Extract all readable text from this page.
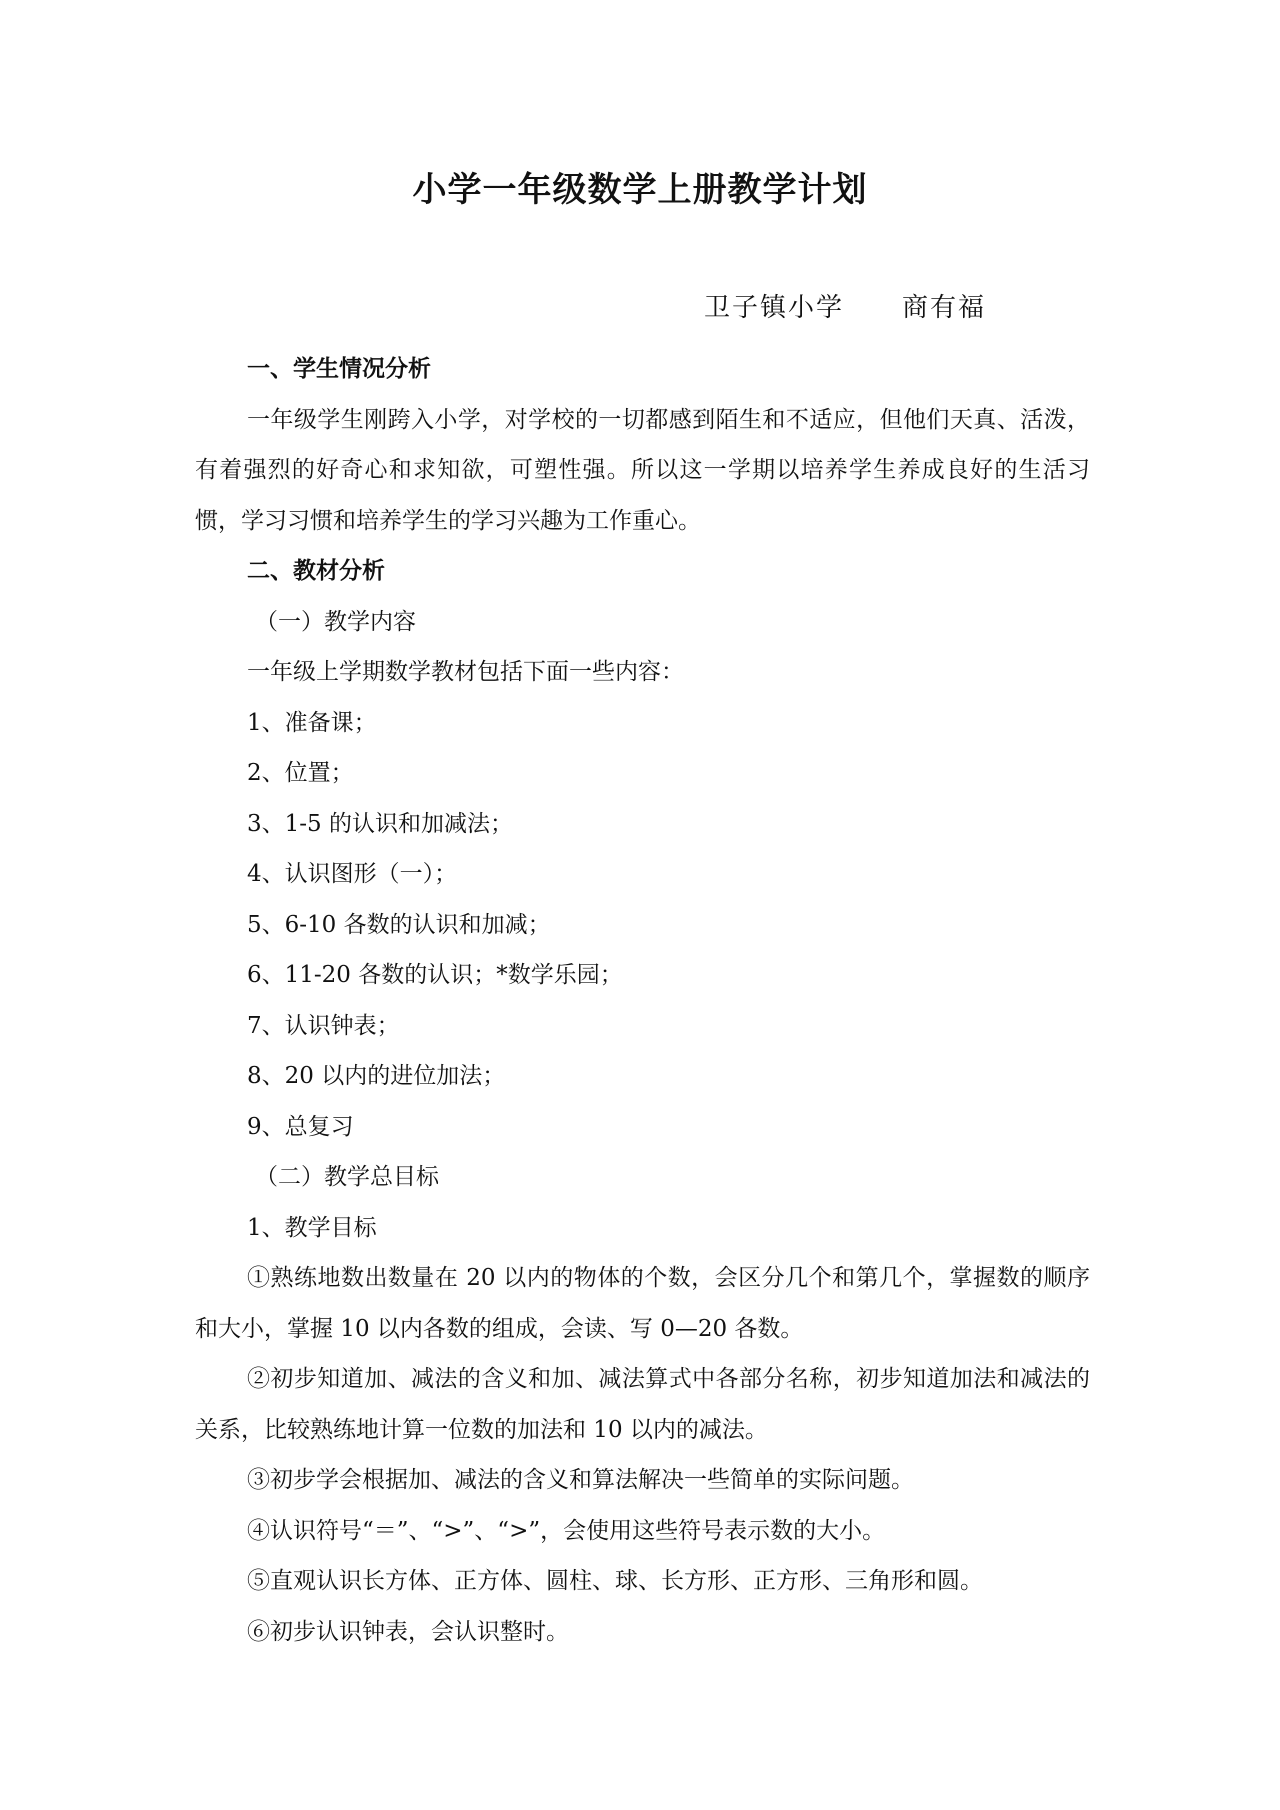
小学一年级数学上册教学计划
卫子镇小学 商有福

一、学生情况分析

一年级学生刚跨入小学，对学校的一切都感到陌生和不适应，但他们天真、活泼，有着强烈的好奇心和求知欲，可塑性强。所以这一学期以培养学生养成良好的生活习惯，学习习惯和培养学生的学习兴趣为工作重心。

二、教材分析

（一）教学内容

一年级上学期数学教材包括下面一些内容：

1、准备课；

2、位置；

3、1-5 的认识和加减法；

4、认识图形（一）；

5、6-10 各数的认识和加减；

6、11-20 各数的认识；*数学乐园；

7、认识钟表；

8、20 以内的进位加法；

9、总复习

（二）教学总目标

1、教学目标

①熟练地数出数量在 20 以内的物体的个数，会区分几个和第几个，掌握数的顺序和大小，掌握 10 以内各数的组成，会读、写 0—20 各数。

②初步知道加、减法的含义和加、减法算式中各部分名称，初步知道加法和减法的关系，比较熟练地计算一位数的加法和 10 以内的减法。

③初步学会根据加、减法的含义和算法解决一些简单的实际问题。

④认识符号“＝”、“>”、“>”，会使用这些符号表示数的大小。

⑤直观认识长方体、正方体、圆柱、球、长方形、正方形、三角形和圆。

⑥初步认识钟表，会认识整时。
